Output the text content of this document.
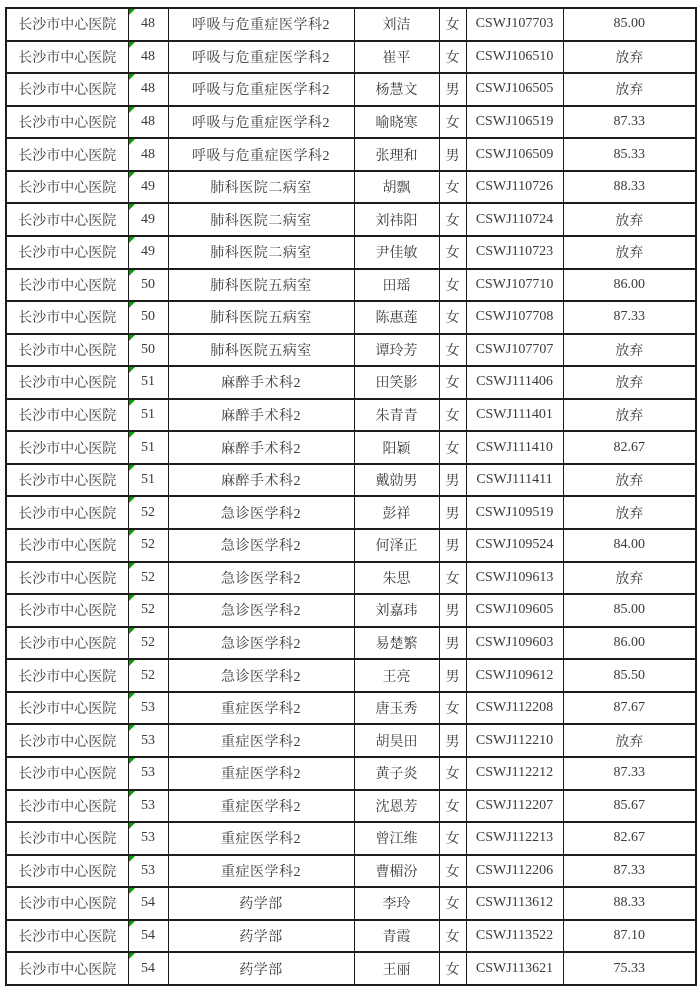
长沙市中心医院	48	呼吸与危重症医学科2	刘洁	女	CSWJ107703	85.00
长沙市中心医院	48	呼吸与危重症医学科2	崔平	女	CSWJ106510	放弃
长沙市中心医院	48	呼吸与危重症医学科2	杨慧文	男	CSWJ106505	放弃
长沙市中心医院	48	呼吸与危重症医学科2	喻晓寒	女	CSWJ106519	87.33
长沙市中心医院	48	呼吸与危重症医学科2	张理和	男	CSWJ106509	85.33
长沙市中心医院	49	肺科医院二病室	胡飘	女	CSWJ110726	88.33
长沙市中心医院	49	肺科医院二病室	刘祎阳	女	CSWJ110724	放弃
长沙市中心医院	49	肺科医院二病室	尹佳敏	女	CSWJ110723	放弃
长沙市中心医院	50	肺科医院五病室	田瑶	女	CSWJ107710	86.00
长沙市中心医院	50	肺科医院五病室	陈惠莲	女	CSWJ107708	87.33
长沙市中心医院	50	肺科医院五病室	谭玲芳	女	CSWJ107707	放弃
长沙市中心医院	51	麻醉手术科2	田笑影	女	CSWJ111406	放弃
长沙市中心医院	51	麻醉手术科2	朱青青	女	CSWJ111401	放弃
长沙市中心医院	51	麻醉手术科2	阳颖	女	CSWJ111410	82.67
长沙市中心医院	51	麻醉手术科2	戴勍男	男	CSWJ111411	放弃
长沙市中心医院	52	急诊医学科2	彭祥	男	CSWJ109519	放弃
长沙市中心医院	52	急诊医学科2	何泽正	男	CSWJ109524	84.00
长沙市中心医院	52	急诊医学科2	朱思	女	CSWJ109613	放弃
长沙市中心医院	52	急诊医学科2	刘嘉玮	男	CSWJ109605	85.00
长沙市中心医院	52	急诊医学科2	易楚繁	男	CSWJ109603	86.00
长沙市中心医院	52	急诊医学科2	王亮	男	CSWJ109612	85.50
长沙市中心医院	53	重症医学科2	唐玉秀	女	CSWJ112208	87.67
长沙市中心医院	53	重症医学科2	胡昊田	男	CSWJ112210	放弃
长沙市中心医院	53	重症医学科2	黄子炎	女	CSWJ112212	87.33
长沙市中心医院	53	重症医学科2	沈恩芳	女	CSWJ112207	85.67
长沙市中心医院	53	重症医学科2	曾江维	女	CSWJ112213	82.67
长沙市中心医院	53	重症医学科2	曹楣汾	女	CSWJ112206	87.33
长沙市中心医院	54	药学部	李玲	女	CSWJ113612	88.33
长沙市中心医院	54	药学部	青霞	女	CSWJ113522	87.10
长沙市中心医院	54	药学部	王丽	女	CSWJ113621	75.33
